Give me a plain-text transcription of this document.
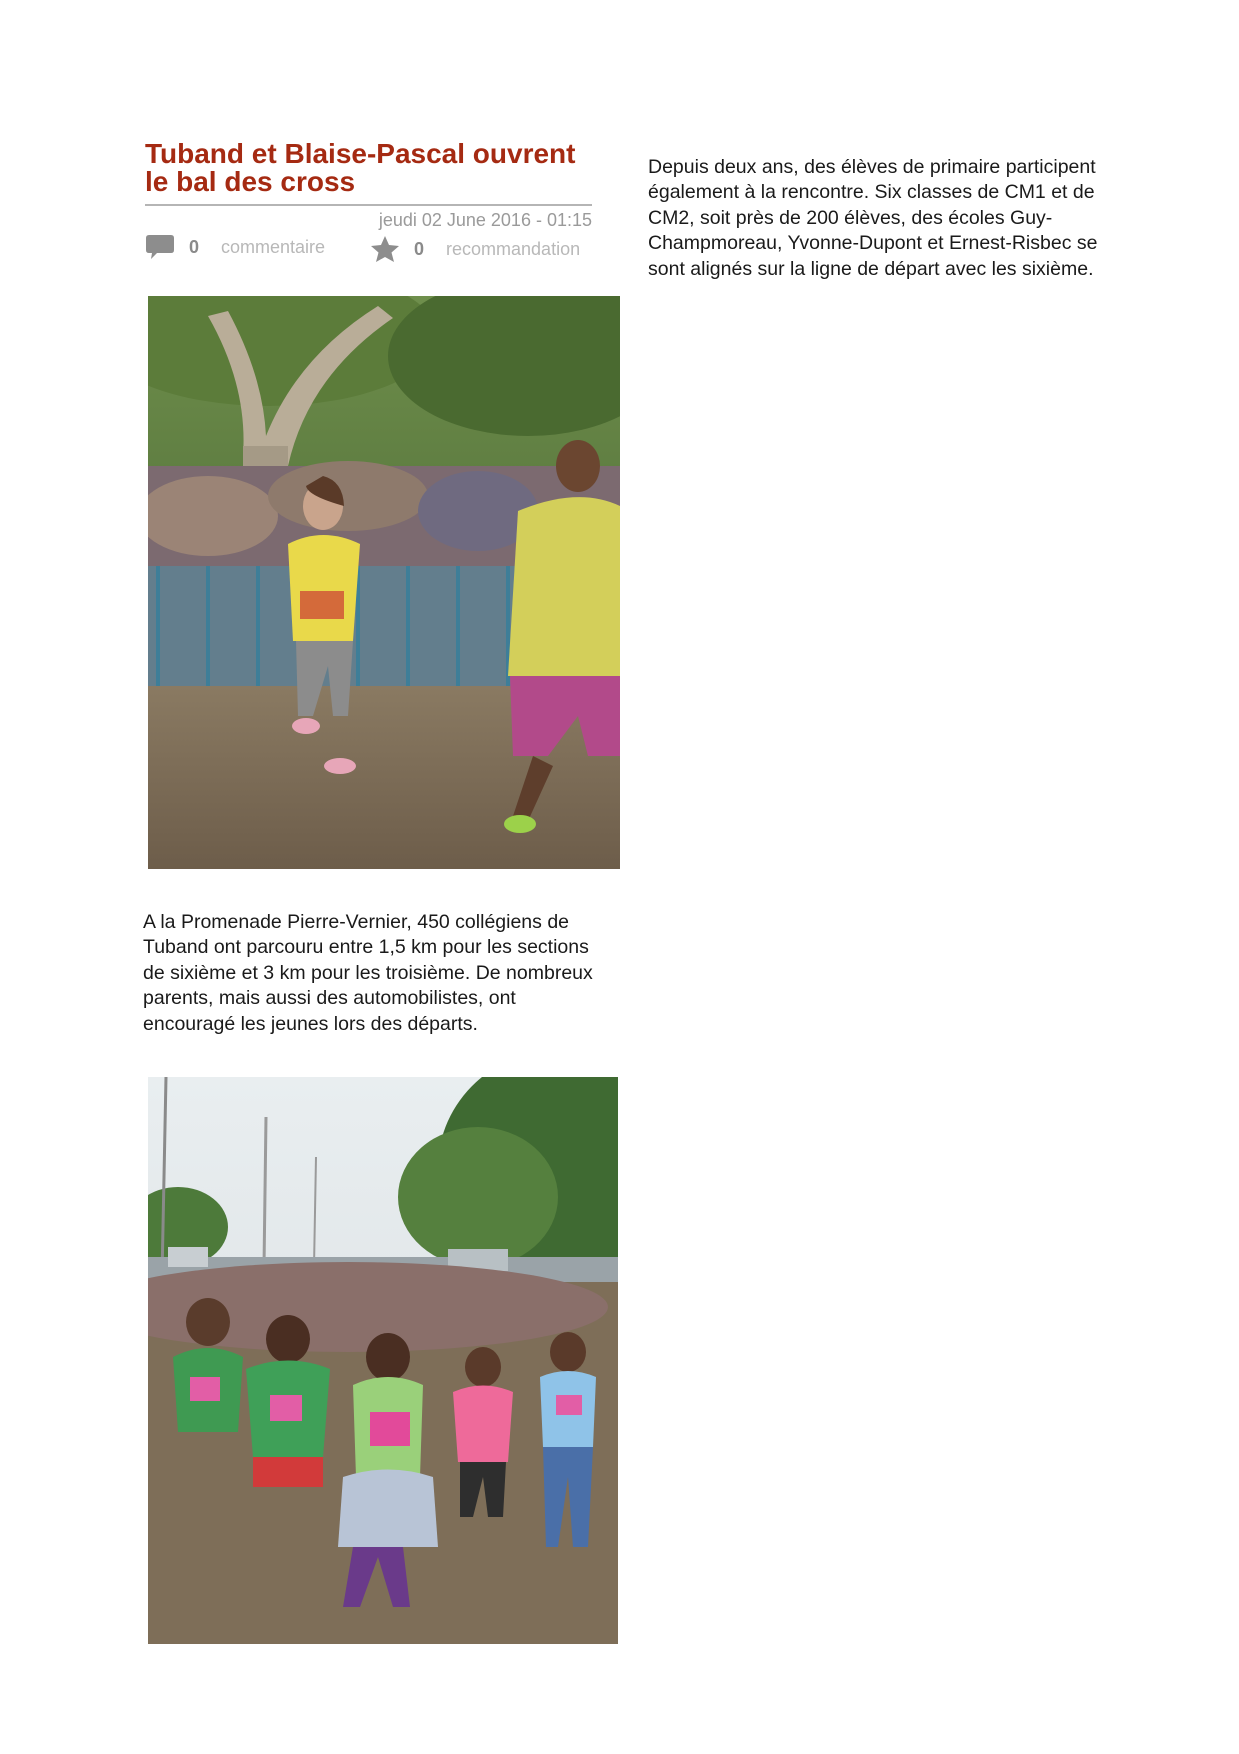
Tuband et Blaise-Pascal ouvrent le bal des cross
jeudi 02 June 2016 - 01:15
0 commentaire	0 recommandation

Depuis deux ans, des élèves de primaire participent également à la rencontre. Six classes de CM1 et de CM2, soit près de 200 élèves, des écoles Guy-Champmoreau, Yvonne-Dupont et Ernest-Risbec se sont alignés sur la ligne de départ avec les sixième.

A la Promenade Pierre-Vernier, 450 collégiens de Tuband ont parcouru entre 1,5 km pour les sections de sixième et 3 km pour les troisième. De nombreux parents, mais aussi des automobilistes, ont encouragé les jeunes lors des départs.
